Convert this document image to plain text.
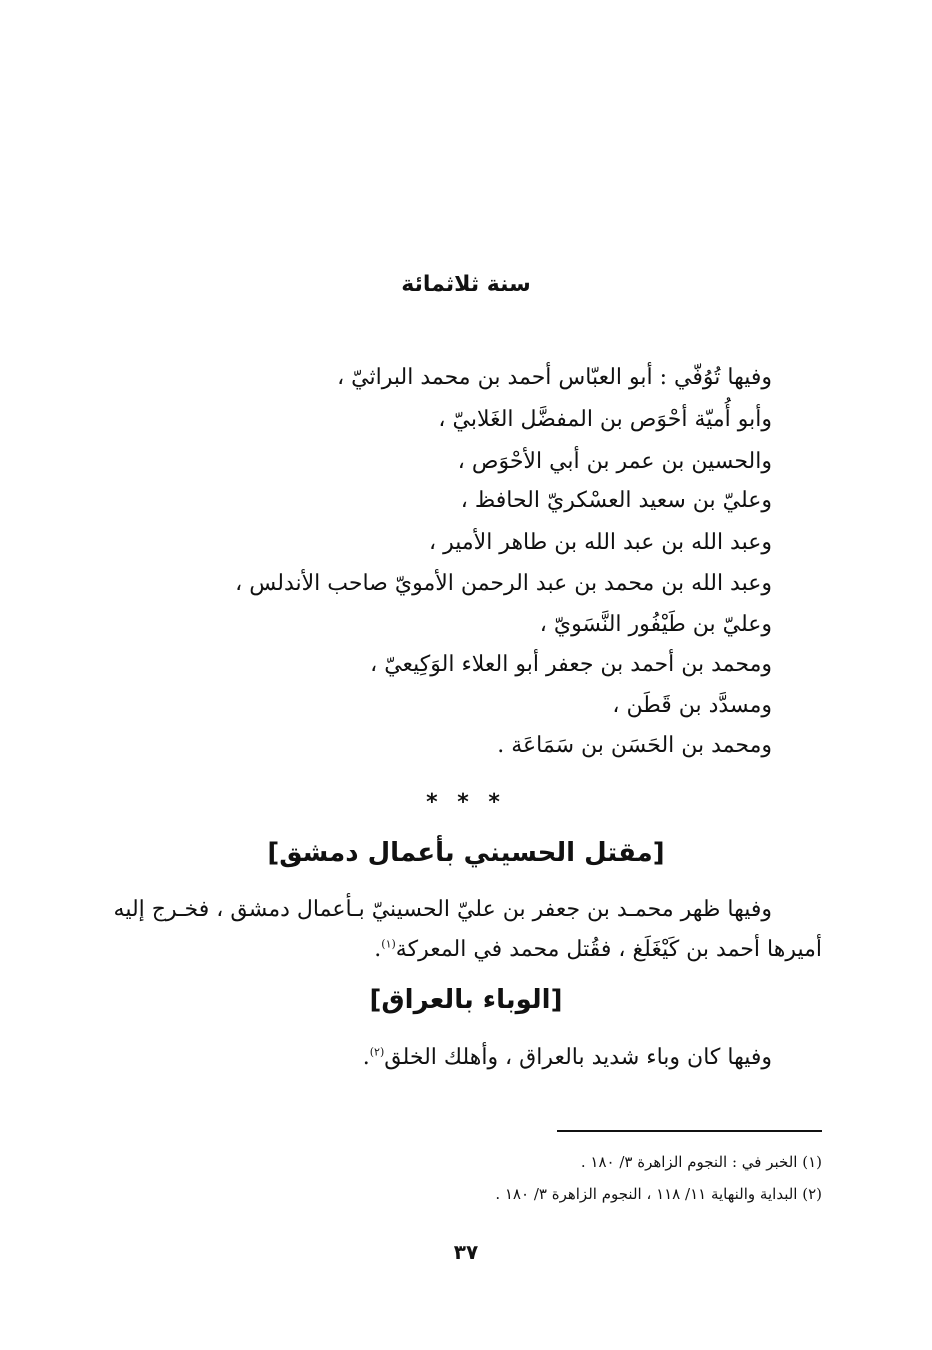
سنة ثلاثمائة
وفيها تُوُفّي : أبو العبّاس أحمد بن محمد البراثيّ ،
وأبو أُميّة أحْوَص بن المفضَّل الغَلابيّ ،
والحسين بن عمر بن أبي الأحْوَص ،
وعليّ بن سعيد العسْكريّ الحافظ ،
وعبد الله بن عبد الله بن طاهر الأمير ،
وعبد الله بن محمد بن عبد الرحمن الأمويّ صاحب الأندلس ،
وعليّ بن طَيْفُور النَّسَويّ ،
ومحمد بن أحمد بن جعفر أبو العلاء الوَكِيعيّ ،
ومسدَّد بن قَطَن ،
ومحمد بن الحَسَن بن سَمَاعَة .
* * *
[مقتل الحسيني بأعمال دمشق]
وفيها ظهر محمـد بن جعفر بن عليّ الحسينيّ بـأعمال دمشق ، فخـرج إليه
أميرها أحمد بن كَيْغَلَغ ، فقُتل محمد في المعركة$^{(١)}$.
[الوباء بالعراق]
وفيها كان وباء شديد بالعراق ، وأهلك الخلق$^{(٢)}$.
(١) الخبر في : النجوم الزاهرة ٣/ ١٨٠ .
(٢) البداية والنهاية ١١/ ١١٨ ، النجوم الزاهرة ٣/ ١٨٠ .
٣٧
